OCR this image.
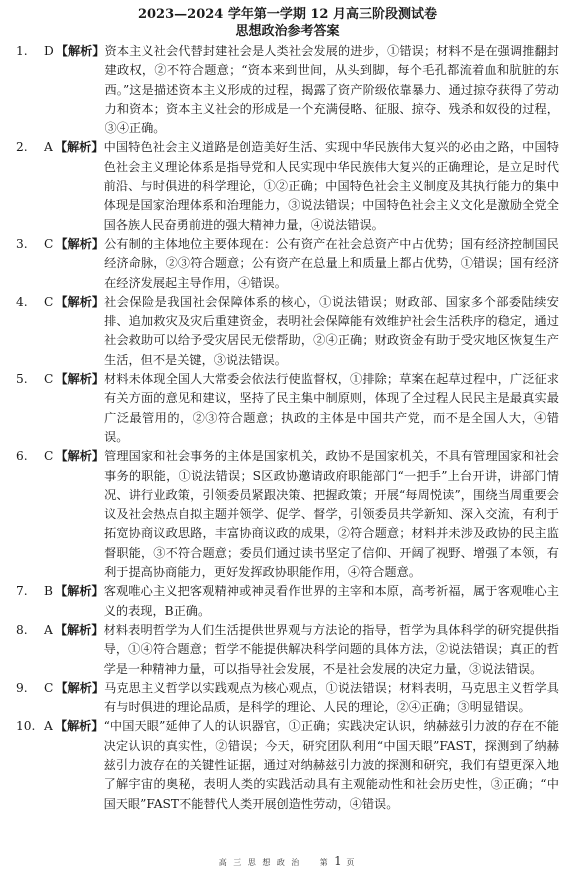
2023—2024 学年第一学期 12 月高三阶段测试卷
思想政治参考答案
1.	D 【解析】 资本主义社会代替封建社会是人类社会发展的进步，①错误；材料不是在强调推翻封建政权，②不符合题意；“资本来到世间，从头到脚，每个毛孔都流着血和肮脏的东西。”这是描述资本主义形成的过程，揭露了资产阶级依靠暴力、通过掠夺获得了劳动力和资本；资本主义社会的形成是一个充满侵略、征服、掠夺、残杀和奴役的过程，③④正确。
2.	A 【解析】 中国特色社会主义道路是创造美好生活、实现中华民族伟大复兴的必由之路，中国特色社会主义理论体系是指导党和人民实现中华民族伟大复兴的正确理论，是立足时代前沿、与时俱进的科学理论，①②正确；中国特色社会主义制度及其执行能力的集中体现是国家治理体系和治理能力，③说法错误；中国特色社会主义文化是激励全党全国各族人民奋勇前进的强大精神力量，④说法错误。
3.	C 【解析】 公有制的主体地位主要体现在：公有资产在社会总资产中占优势；国有经济控制国民经济命脉，②③符合题意；公有资产在总量上和质量上都占优势，①错误；国有经济在经济发展起主导作用，④错误。
4.	C 【解析】 社会保险是我国社会保障体系的核心，①说法错误；财政部、国家多个部委陆续安排、追加救灾及灾后重建资金，表明社会保障能有效维护社会生活秩序的稳定，通过社会救助可以给予受灾居民无偿帮助，②④正确；财政资金有助于受灾地区恢复生产生活，但不是关键，③说法错误。
5.	C 【解析】 材料未体现全国人大常委会依法行使监督权，①排除；草案在起草过程中，广泛征求有关方面的意见和建议，坚持了民主集中制原则，体现了全过程人民民主是最真实最广泛最管用的，②③符合题意；执政的主体是中国共产党，而不是全国人大，④错误。
6.	C 【解析】 管理国家和社会事务的主体是国家机关，政协不是国家机关，不具有管理国家和社会事务的职能，①说法错误；S区政协邀请政府职能部门“一把手”上台开讲，讲部门情况、讲行业政策，引领委员紧跟决策、把握政策；开展“每周悦读”，围绕当周重要会议及社会热点自拟主题并领学、促学、督学，引领委员共学新知、深入交流，有利于拓宽协商议政思路，丰富协商议政的成果，②符合题意；材料并未涉及政协的民主监督职能，③不符合题意；委员们通过读书坚定了信仰、开阔了视野、增强了本领，有利于提高协商能力，更好发挥政协职能作用，④符合题意。
7.	B 【解析】 客观唯心主义把客观精神或神灵看作世界的主宰和本原，高考祈福，属于客观唯心主义的表现，B正确。
8.	A 【解析】 材料表明哲学为人们生活提供世界观与方法论的指导，哲学为具体科学的研究提供指导，①④符合题意；哲学不能提供解决科学问题的具体方法，②说法错误；真正的哲学是一种精神力量，可以指导社会发展，不是社会发展的决定力量，③说法错误。
9.	C 【解析】 马克思主义哲学以实践观点为核心观点，①说法错误；材料表明，马克思主义哲学具有与时俱进的理论品质，是科学的理论、人民的理论，②④正确；③明显错误。
10. A 【解析】 “中国天眼”延伸了人的认识器官，①正确；实践决定认识，纳赫兹引力波的存在不能决定认识的真实性，②错误；今天，研究团队利用“中国天眼”FAST，探测到了纳赫兹引力波存在的关键性证据，通过对纳赫兹引力波的探测和研究，我们有望更深入地了解宇宙的奥秘，表明人类的实践活动具有主观能动性和社会历史性，③正确；“中国天眼”FAST不能替代人类开展创造性劳动，④错误。
高 三 思 想 政 治 第 1 页
